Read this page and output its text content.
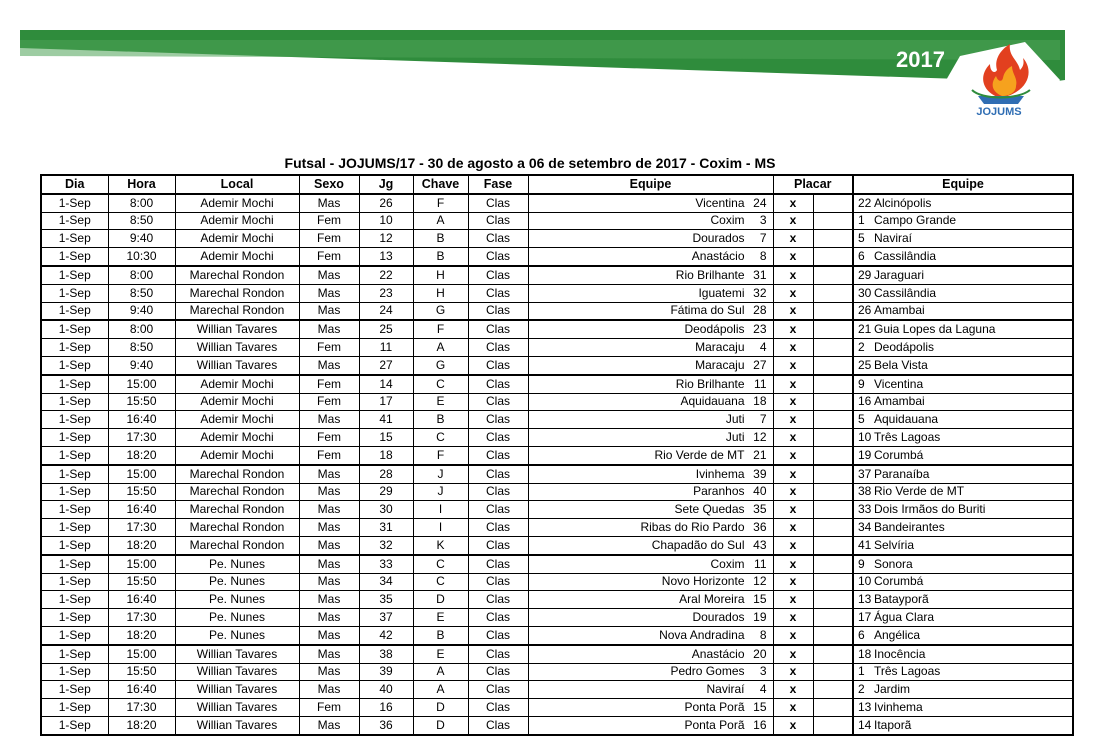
2017
JOJUMS
Futsal - JOJUMS/17 - 30 de agosto a 06 de setembro de 2017 - Coxim - MS
Dia	Hora	Local	Sexo	Jg	Chave	Fase	Equipe	Placar		Equipe
1-Sep	8:00	Ademir Mochi	Mas	26	F	Clas	Vicentina 24	x		22 Alcinópolis
1-Sep	8:50	Ademir Mochi	Fem	10	A	Clas	Coxim 3	x		1 Campo Grande
1-Sep	9:40	Ademir Mochi	Fem	12	B	Clas	Dourados 7	x		5 Naviraí
1-Sep	10:30	Ademir Mochi	Fem	13	B	Clas	Anastácio 8	x		6 Cassilândia
1-Sep	8:00	Marechal Rondon	Mas	22	H	Clas	Rio Brilhante 31	x		29 Jaraguari
1-Sep	8:50	Marechal Rondon	Mas	23	H	Clas	Iguatemi 32	x		30 Cassilândia
1-Sep	9:40	Marechal Rondon	Mas	24	G	Clas	Fátima do Sul 28	x		26 Amambai
1-Sep	8:00	Willian Tavares	Mas	25	F	Clas	Deodápolis 23	x		21 Guia Lopes da Laguna
1-Sep	8:50	Willian Tavares	Fem	11	A	Clas	Maracaju 4	x		2 Deodápolis
1-Sep	9:40	Willian Tavares	Mas	27	G	Clas	Maracaju 27	x		25 Bela Vista
1-Sep	15:00	Ademir Mochi	Fem	14	C	Clas	Rio Brilhante 11	x		9 Vicentina
1-Sep	15:50	Ademir Mochi	Fem	17	E	Clas	Aquidauana 18	x		16 Amambai
1-Sep	16:40	Ademir Mochi	Mas	41	B	Clas	Juti 7	x		5 Aquidauana
1-Sep	17:30	Ademir Mochi	Fem	15	C	Clas	Juti 12	x		10 Três Lagoas
1-Sep	18:20	Ademir Mochi	Fem	18	F	Clas	Rio Verde de MT 21	x		19 Corumbá
1-Sep	15:00	Marechal Rondon	Mas	28	J	Clas	Ivinhema 39	x		37 Paranaíba
1-Sep	15:50	Marechal Rondon	Mas	29	J	Clas	Paranhos 40	x		38 Rio Verde de MT
1-Sep	16:40	Marechal Rondon	Mas	30	I	Clas	Sete Quedas 35	x		33 Dois Irmãos do Buriti
1-Sep	17:30	Marechal Rondon	Mas	31	I	Clas	Ribas do Rio Pardo 36	x		34 Bandeirantes
1-Sep	18:20	Marechal Rondon	Mas	32	K	Clas	Chapadão do Sul 43	x		41 Selvíria
1-Sep	15:00	Pe. Nunes	Mas	33	C	Clas	Coxim 11	x		9 Sonora
1-Sep	15:50	Pe. Nunes	Mas	34	C	Clas	Novo Horizonte 12	x		10 Corumbá
1-Sep	16:40	Pe. Nunes	Mas	35	D	Clas	Aral Moreira 15	x		13 Batayporã
1-Sep	17:30	Pe. Nunes	Mas	37	E	Clas	Dourados 19	x		17 Água Clara
1-Sep	18:20	Pe. Nunes	Mas	42	B	Clas	Nova Andradina 8	x		6 Angélica
1-Sep	15:00	Willian Tavares	Mas	38	E	Clas	Anastácio 20	x		18 Inocência
1-Sep	15:50	Willian Tavares	Mas	39	A	Clas	Pedro Gomes 3	x		1 Três Lagoas
1-Sep	16:40	Willian Tavares	Mas	40	A	Clas	Naviraí 4	x		2 Jardim
1-Sep	17:30	Willian Tavares	Fem	16	D	Clas	Ponta Porã 15	x		13 Ivinhema
1-Sep	18:20	Willian Tavares	Mas	36	D	Clas	Ponta Porã 16	x		14 Itaporã
